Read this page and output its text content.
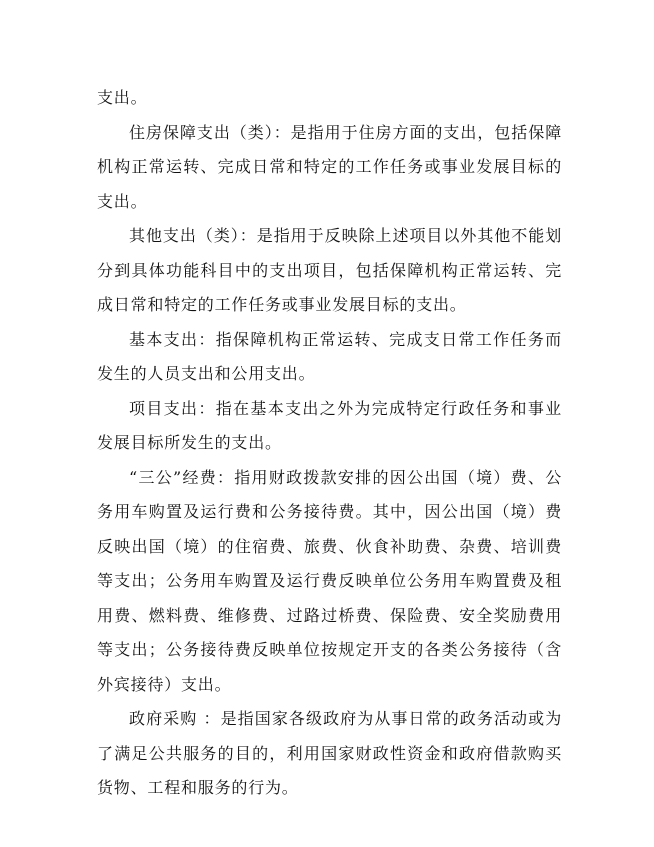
支出。

住房保障支出（类）：是指用于住房方面的支出，包括保障机构正常运转、完成日常和特定的工作任务或事业发展目标的支出。

其他支出（类）：是指用于反映除上述项目以外其他不能划分到具体功能科目中的支出项目，包括保障机构正常运转、完成日常和特定的工作任务或事业发展目标的支出。

基本支出：指保障机构正常运转、完成支日常工作任务而发生的人员支出和公用支出。

项目支出：指在基本支出之外为完成特定行政任务和事业发展目标所发生的支出。

“三公”经费：指用财政拨款安排的因公出国（境）费、公务用车购置及运行费和公务接待费。其中，因公出国（境）费反映出国（境）的住宿费、旅费、伙食补助费、杂费、培训费等支出；公务用车购置及运行费反映单位公务用车购置费及租用费、燃料费、维修费、过路过桥费、保险费、安全奖励费用等支出；公务接待费反映单位按规定开支的各类公务接待（含外宾接待）支出。

政府采购 ：是指国家各级政府为从事日常的政务活动或为了满足公共服务的目的，利用国家财政性资金和政府借款购买货物、工程和服务的行为。
